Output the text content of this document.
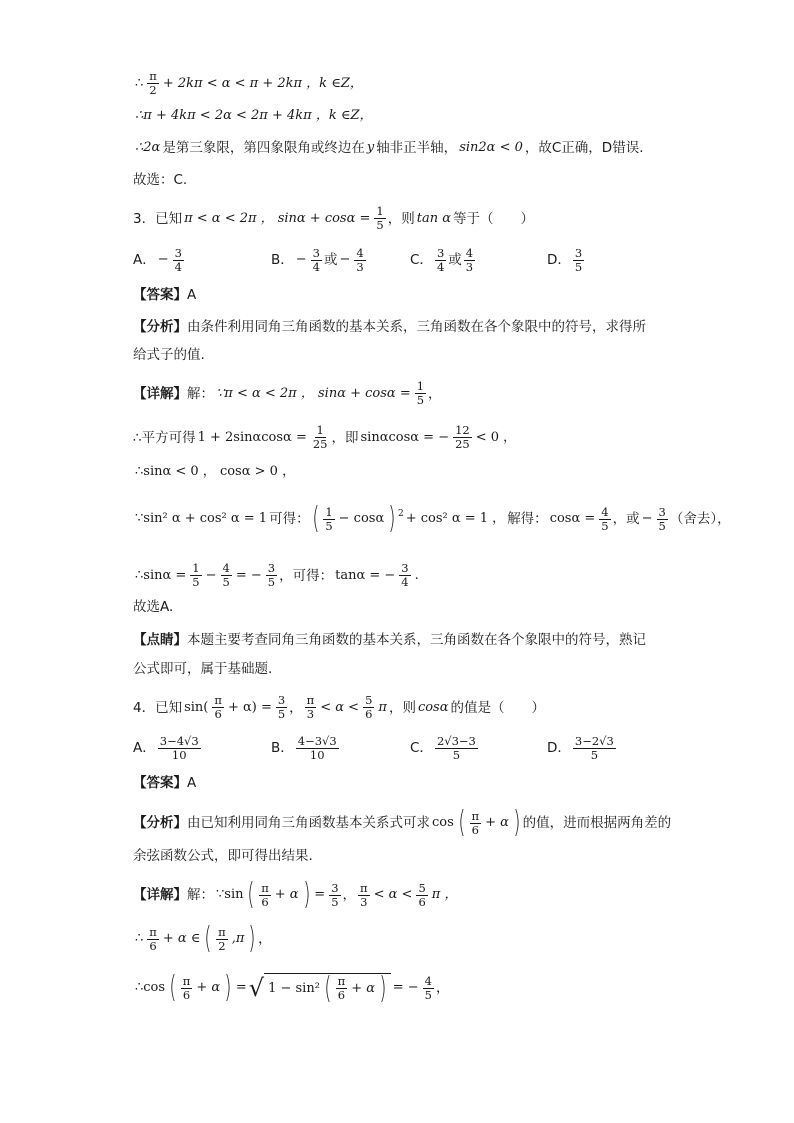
∴ $\frac{\pi}{2} + 2k\pi < \alpha < \pi + 2k\pi$ ，k ∈Z，
∴π + 4kπ < 2α < 2π + 4kπ ，k ∈Z，
∴2α 是第三象限，第四象限角或终边在 y 轴非正半轴， sin2α < 0 ，故C正确，D错误.
故选：C.
3．已知 π < α < 2π ， $\sin\alpha + \cos\alpha = \frac{1}{5}$ ，则 tan α 等于（　　）
A． − $\frac{3}{4}$	B． − $\frac{3}{4}$ 或 − $\frac{4}{3}$	C． $\frac{3}{4}$ 或 $\frac{4}{3}$	D． $\frac{3}{5}$
【答案】 A
【分析】 由条件利用同角三角函数的基本关系，三角函数在各个象限中的符号，求得所
给式子的值.
【详解】 解： ∵π < α < 2π ， $\sin\alpha + \cos\alpha = \frac{1}{5}$ ，
∴平方可得 $1 + 2\sin\alpha\cos\alpha = \frac{1}{25}$ ，即 sinαcosα = − $\frac{12}{25} < 0$ ，
∴sinα < 0 ， cosα > 0 ，
∵sin² α + cos² α = 1 可得： ( $\frac{1}{5} - \cos\alpha$ ) $^2$ + cos² α = 1 ， 解得： $\cos\alpha = \frac{4}{5}$ ，或 − $\frac{3}{5}$ （舍去），
∴sinα = $\frac{1}{5} - \frac{4}{5}$ = − $\frac{3}{5}$ ，可得： tanα = − $\frac{3}{4}$ .
故选A.
【点睛】 本题主要考查同角三角函数的基本关系，三角函数在各个象限中的符号，熟记
公式即可，属于基础题.
4．已知 $\sin( \frac{\pi}{6} + \alpha) = \frac{3}{5}$ ， $\frac{\pi}{3} < \alpha < \frac{5}{6}$ π ，则 cosα 的值是（　　）
A． $\frac{3-4√3}{10}$	B． $\frac{4-3√3}{10}$	C． $\frac{2√3-3}{5}$	D． $\frac{3-2√3}{5}$
【答案】 A
【分析】 由已知利用同角三角函数基本关系式可求 cos ( $\frac{\pi}{6} + \alpha$ ) 的值，进而根据两角差的
余弦函数公式，即可得出结果.
【详解】 解： ∵sin ( $\frac{\pi}{6} + \alpha$ ) = $\frac{3}{5}$ ， $\frac{\pi}{3} < \alpha < \frac{5}{6}$ π ，
∴ $\frac{\pi}{6} + \alpha$ ∈ ( $\frac{\pi}{2} ,\pi$ ) ，
∴cos ( $\frac{\pi}{6} + \alpha$ ) = √ 1 − sin² ( $\frac{\pi}{6} + \alpha$ ) = − $\frac{4}{5}$ ，
